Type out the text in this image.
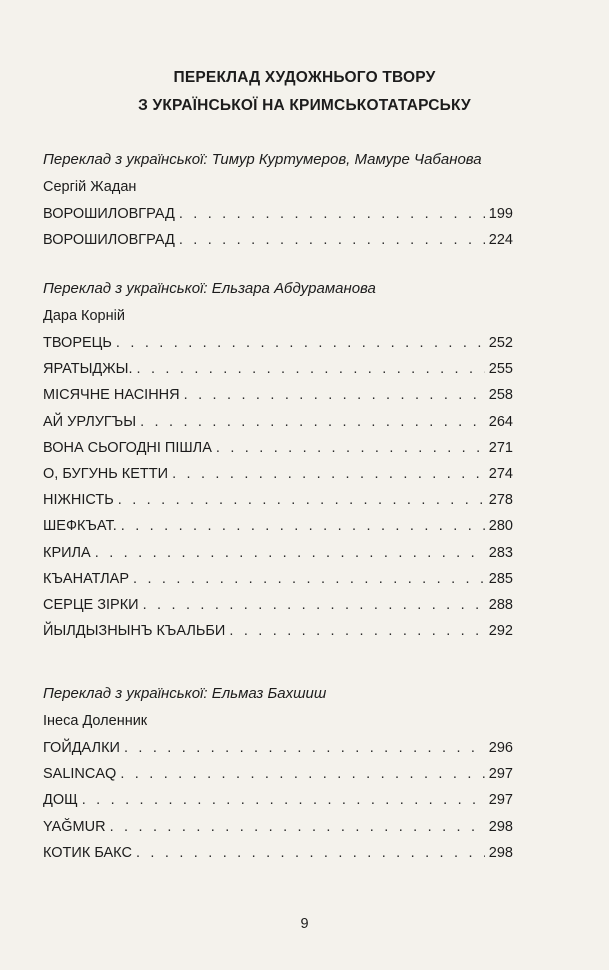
ПЕРЕКЛАД ХУДОЖНЬОГО ТВОРУ
З УКРАЇНСЬКОЇ НА КРИМСЬКОТАТАРСЬКУ
Переклад з української: Тимур Куртумеров, Мамуре Чабанова
Сергій Жадан
ВОРОШИЛОВГРАД . . .	199
ВОРОШИЛОВГРАД . . .	224
Переклад з української: Ельзара Абдураманова
Дара Корній
ТВОРЕЦЬ . . .	252
ЯРАТЫДЖЫ. . . .	255
МІСЯЧНЕ НАСІННЯ . . .	258
АЙ УРЛУГЪЫ . . .	264
ВОНА СЬОГОДНІ ПІШЛА . . .	271
О, БУГУНЬ КЕТТИ . . .	274
НІЖНІСТЬ . . .	278
ШЕФКЪАТ. . . .	280
КРИЛА . . .	283
КЪАНАТЛАР . . .	285
СЕРЦЕ ЗІРКИ . . .	288
ЙЫЛДЫЗНЫНЪ КЪАЛЬБИ . . .	292
Переклад з української: Ельмаз Бахшиш
Інеса Доленник
ГОЙДАЛКИ . . .	296
SALINCAQ . . .	297
ДОЩ . . .	297
YAĞMUR . . .	298
КОТИК БАКС . . .	298
9
